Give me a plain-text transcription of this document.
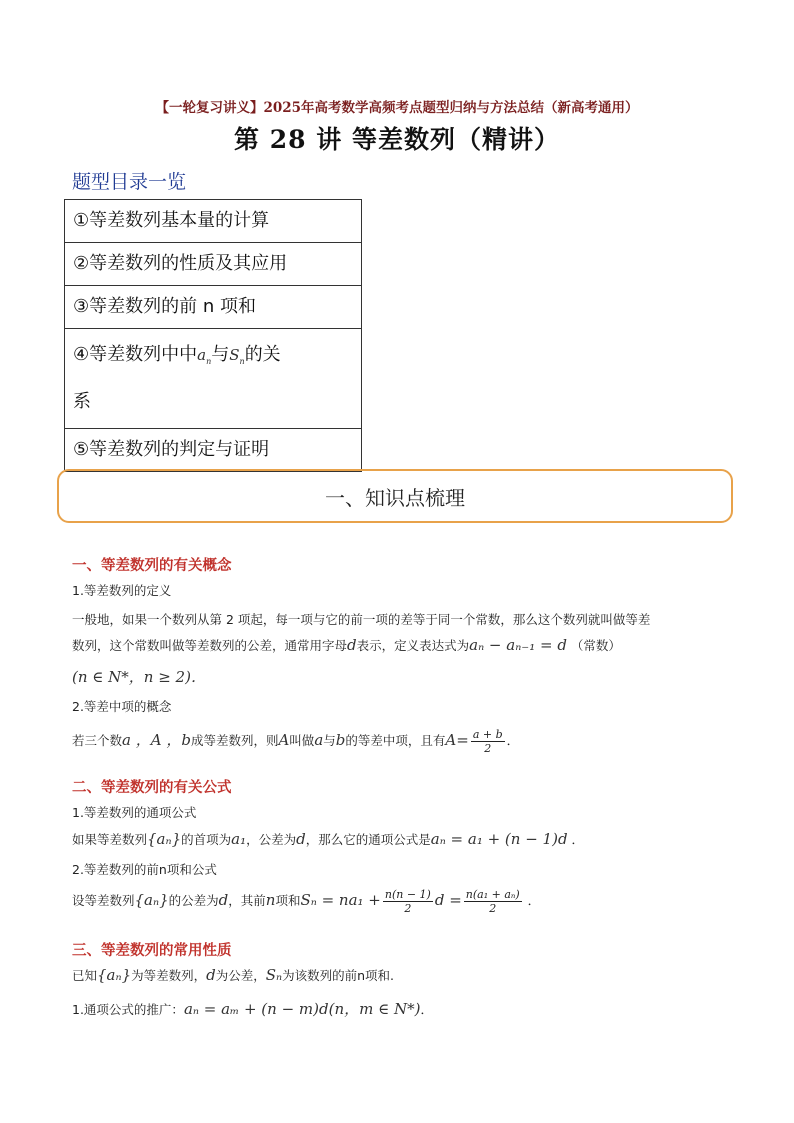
【一轮复习讲义】2025年高考数学高频考点题型归纳与方法总结（新高考通用）
第 28 讲 等差数列（精讲）
题型目录一览
①等差数列基本量的计算
②等差数列的性质及其应用
③等差数列的前 n 项和
④等差数列中中$a_n$与$S_n$的关
系
⑤等差数列的判定与证明
一、知识点梳理
一、等差数列的有关概念
1.等差数列的定义
一般地，如果一个数列从第 2 项起，每一项与它的前一项的差等于同一个常数，那么这个数列就叫做等差
数列，这个常数叫做等差数列的公差，通常用字母d表示，定义表达式为aₙ − aₙ₋₁ = d （常数）
(n ∈ N*，n ≥ 2)．
2.等差中项的概念
若三个数a ，A ，b成等差数列，则A叫做a与b的等差中项，且有$A= \frac{a + b}{2}$ ．
二、等差数列的有关公式
1.等差数列的通项公式
如果等差数列{aₙ}的首项为a₁，公差为d，那么它的通项公式是aₙ = a₁ + (n − 1)d ．
2.等差数列的前n项和公式
设等差数列{aₙ}的公差为d，其前n项和$S_n = na_1 + \frac{n(n - 1)}{2}$ $d = \frac{\text{n(a₁ + aₙ)}}{2}$ ．
三、等差数列的常用性质
已知{aₙ}为等差数列，d为公差，Sₙ为该数列的前n项和.
1.通项公式的推广：aₙ = aₘ + (n − m)d(n，m ∈ N*)．
